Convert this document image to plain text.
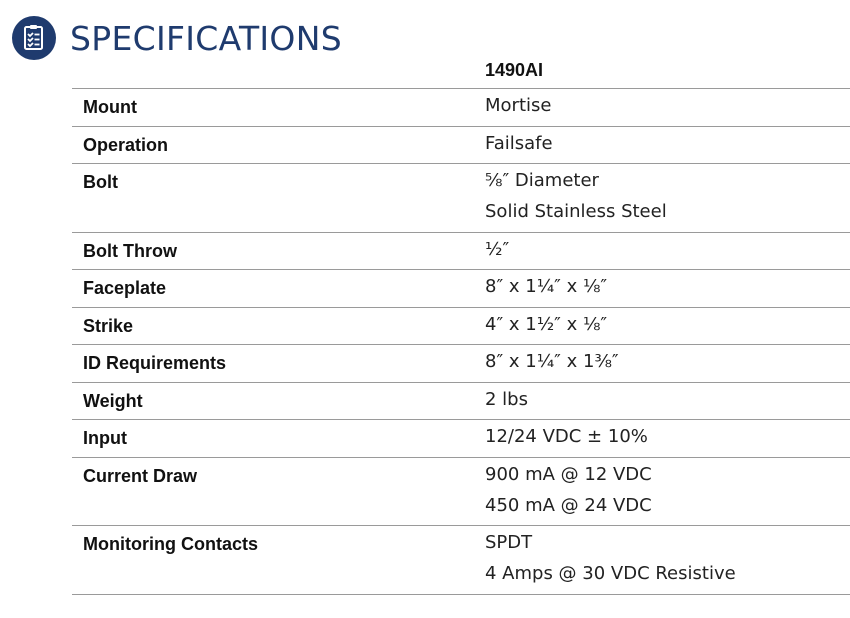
SPECIFICATIONS
1490AI
Mount	Mortise
Operation	Failsafe
Bolt	⅝″ Diameter
Solid Stainless Steel
Bolt Throw	½″
Faceplate	8″ x 1¼″ x ⅛″
Strike	4″ x 1½″ x ⅛″
ID Requirements	8″ x 1¼″ x 1⅜″
Weight	2 lbs
Input	12/24 VDC ± 10%
Current Draw	900 mA @ 12 VDC
450 mA @ 24 VDC
Monitoring Contacts	SPDT
4 Amps @ 30 VDC Resistive
